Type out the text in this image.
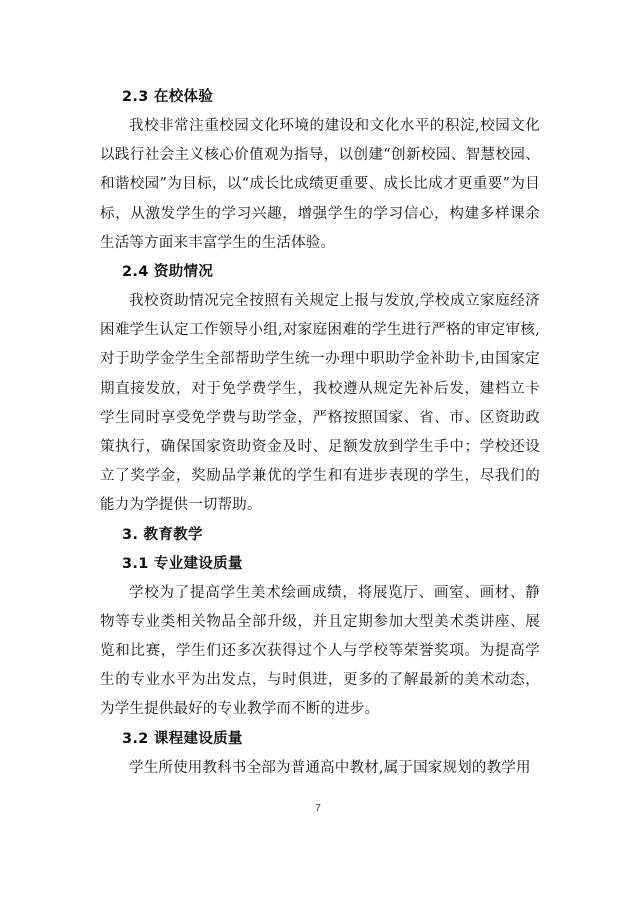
2.3 在校体验
我校非常注重校园文化环境的建设和文化水平的积淀,校园文化以践行社会主义核心价值观为指导，以创建“创新校园、智慧校园、和谐校园”为目标，以“成长比成绩更重要、成长比成才更重要”为目标，从激发学生的学习兴趣，增强学生的学习信心，构建多样课余生活等方面来丰富学生的生活体验。
2.4 资助情况
我校资助情况完全按照有关规定上报与发放,学校成立家庭经济困难学生认定工作领导小组,对家庭困难的学生进行严格的审定审核,对于助学金学生全部帮助学生统一办理中职助学金补助卡,由国家定期直接发放，对于免学费学生，我校遵从规定先补后发，建档立卡学生同时享受免学费与助学金，严格按照国家、省、市、区资助政策执行，确保国家资助资金及时、足额发放到学生手中；学校还设立了奖学金，奖励品学兼优的学生和有进步表现的学生，尽我们的能力为学提供一切帮助。
3. 教育教学
3.1 专业建设质量
学校为了提高学生美术绘画成绩，将展览厅、画室、画材、静物等专业类相关物品全部升级，并且定期参加大型美术类讲座、展览和比赛，学生们还多次获得过个人与学校等荣誉奖项。为提高学生的专业水平为出发点，与时俱进，更多的了解最新的美术动态，为学生提供最好的专业教学而不断的进步。
3.2 课程建设质量
学生所使用教科书全部为普通高中教材,属于国家规划的教学用
7
